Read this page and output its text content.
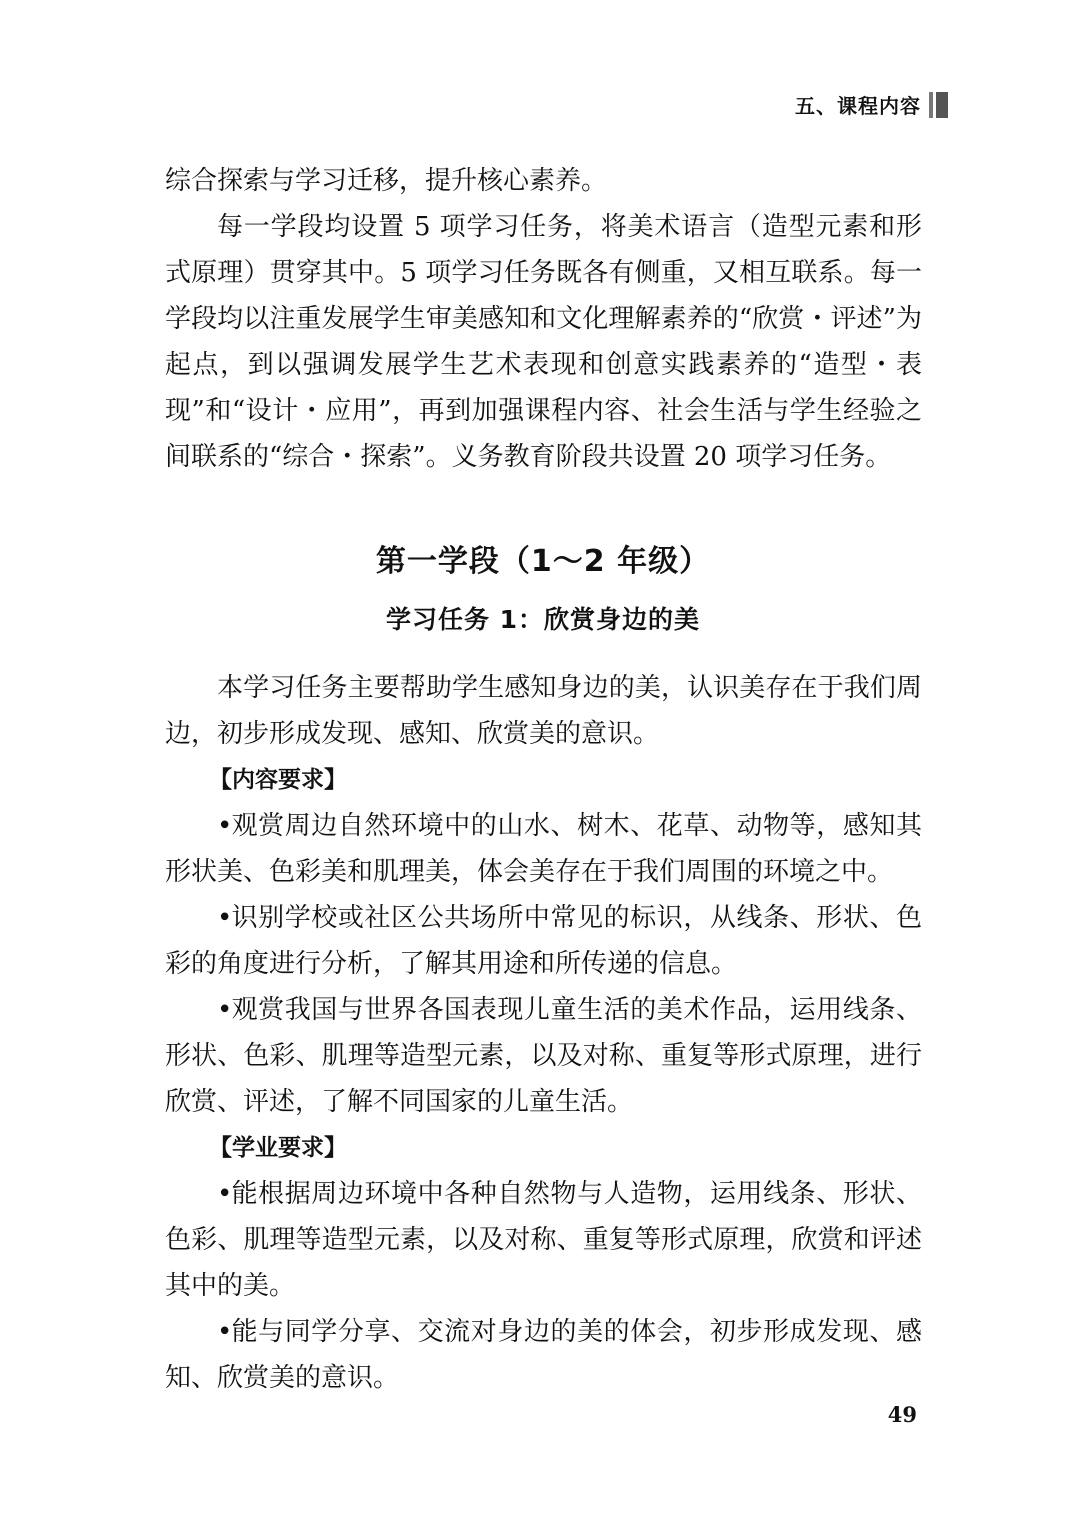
五、课程内容

综合探索与学习迁移，提升核心素养。

每一学段均设置 5 项学习任务，将美术语言（造型元素和形式原理）贯穿其中。5 项学习任务既各有侧重，又相互联系。每一学段均以注重发展学生审美感知和文化理解素养的“欣赏・评述”为起点，到以强调发展学生艺术表现和创意实践素养的“造型・表现”和“设计・应用”，再到加强课程内容、社会生活与学生经验之间联系的“综合・探索”。义务教育阶段共设置 20 项学习任务。

第一学段（1～2 年级）
学习任务 1：欣赏身边的美

本学习任务主要帮助学生感知身边的美，认识美存在于我们周边，初步形成发现、感知、欣赏美的意识。

【内容要求】

•观赏周边自然环境中的山水、树木、花草、动物等，感知其形状美、色彩美和肌理美，体会美存在于我们周围的环境之中。

•识别学校或社区公共场所中常见的标识，从线条、形状、色彩的角度进行分析，了解其用途和所传递的信息。

•观赏我国与世界各国表现儿童生活的美术作品，运用线条、形状、色彩、肌理等造型元素，以及对称、重复等形式原理，进行欣赏、评述，了解不同国家的儿童生活。

【学业要求】

•能根据周边环境中各种自然物与人造物，运用线条、形状、色彩、肌理等造型元素，以及对称、重复等形式原理，欣赏和评述其中的美。

•能与同学分享、交流对身边的美的体会，初步形成发现、感知、欣赏美的意识。

49
